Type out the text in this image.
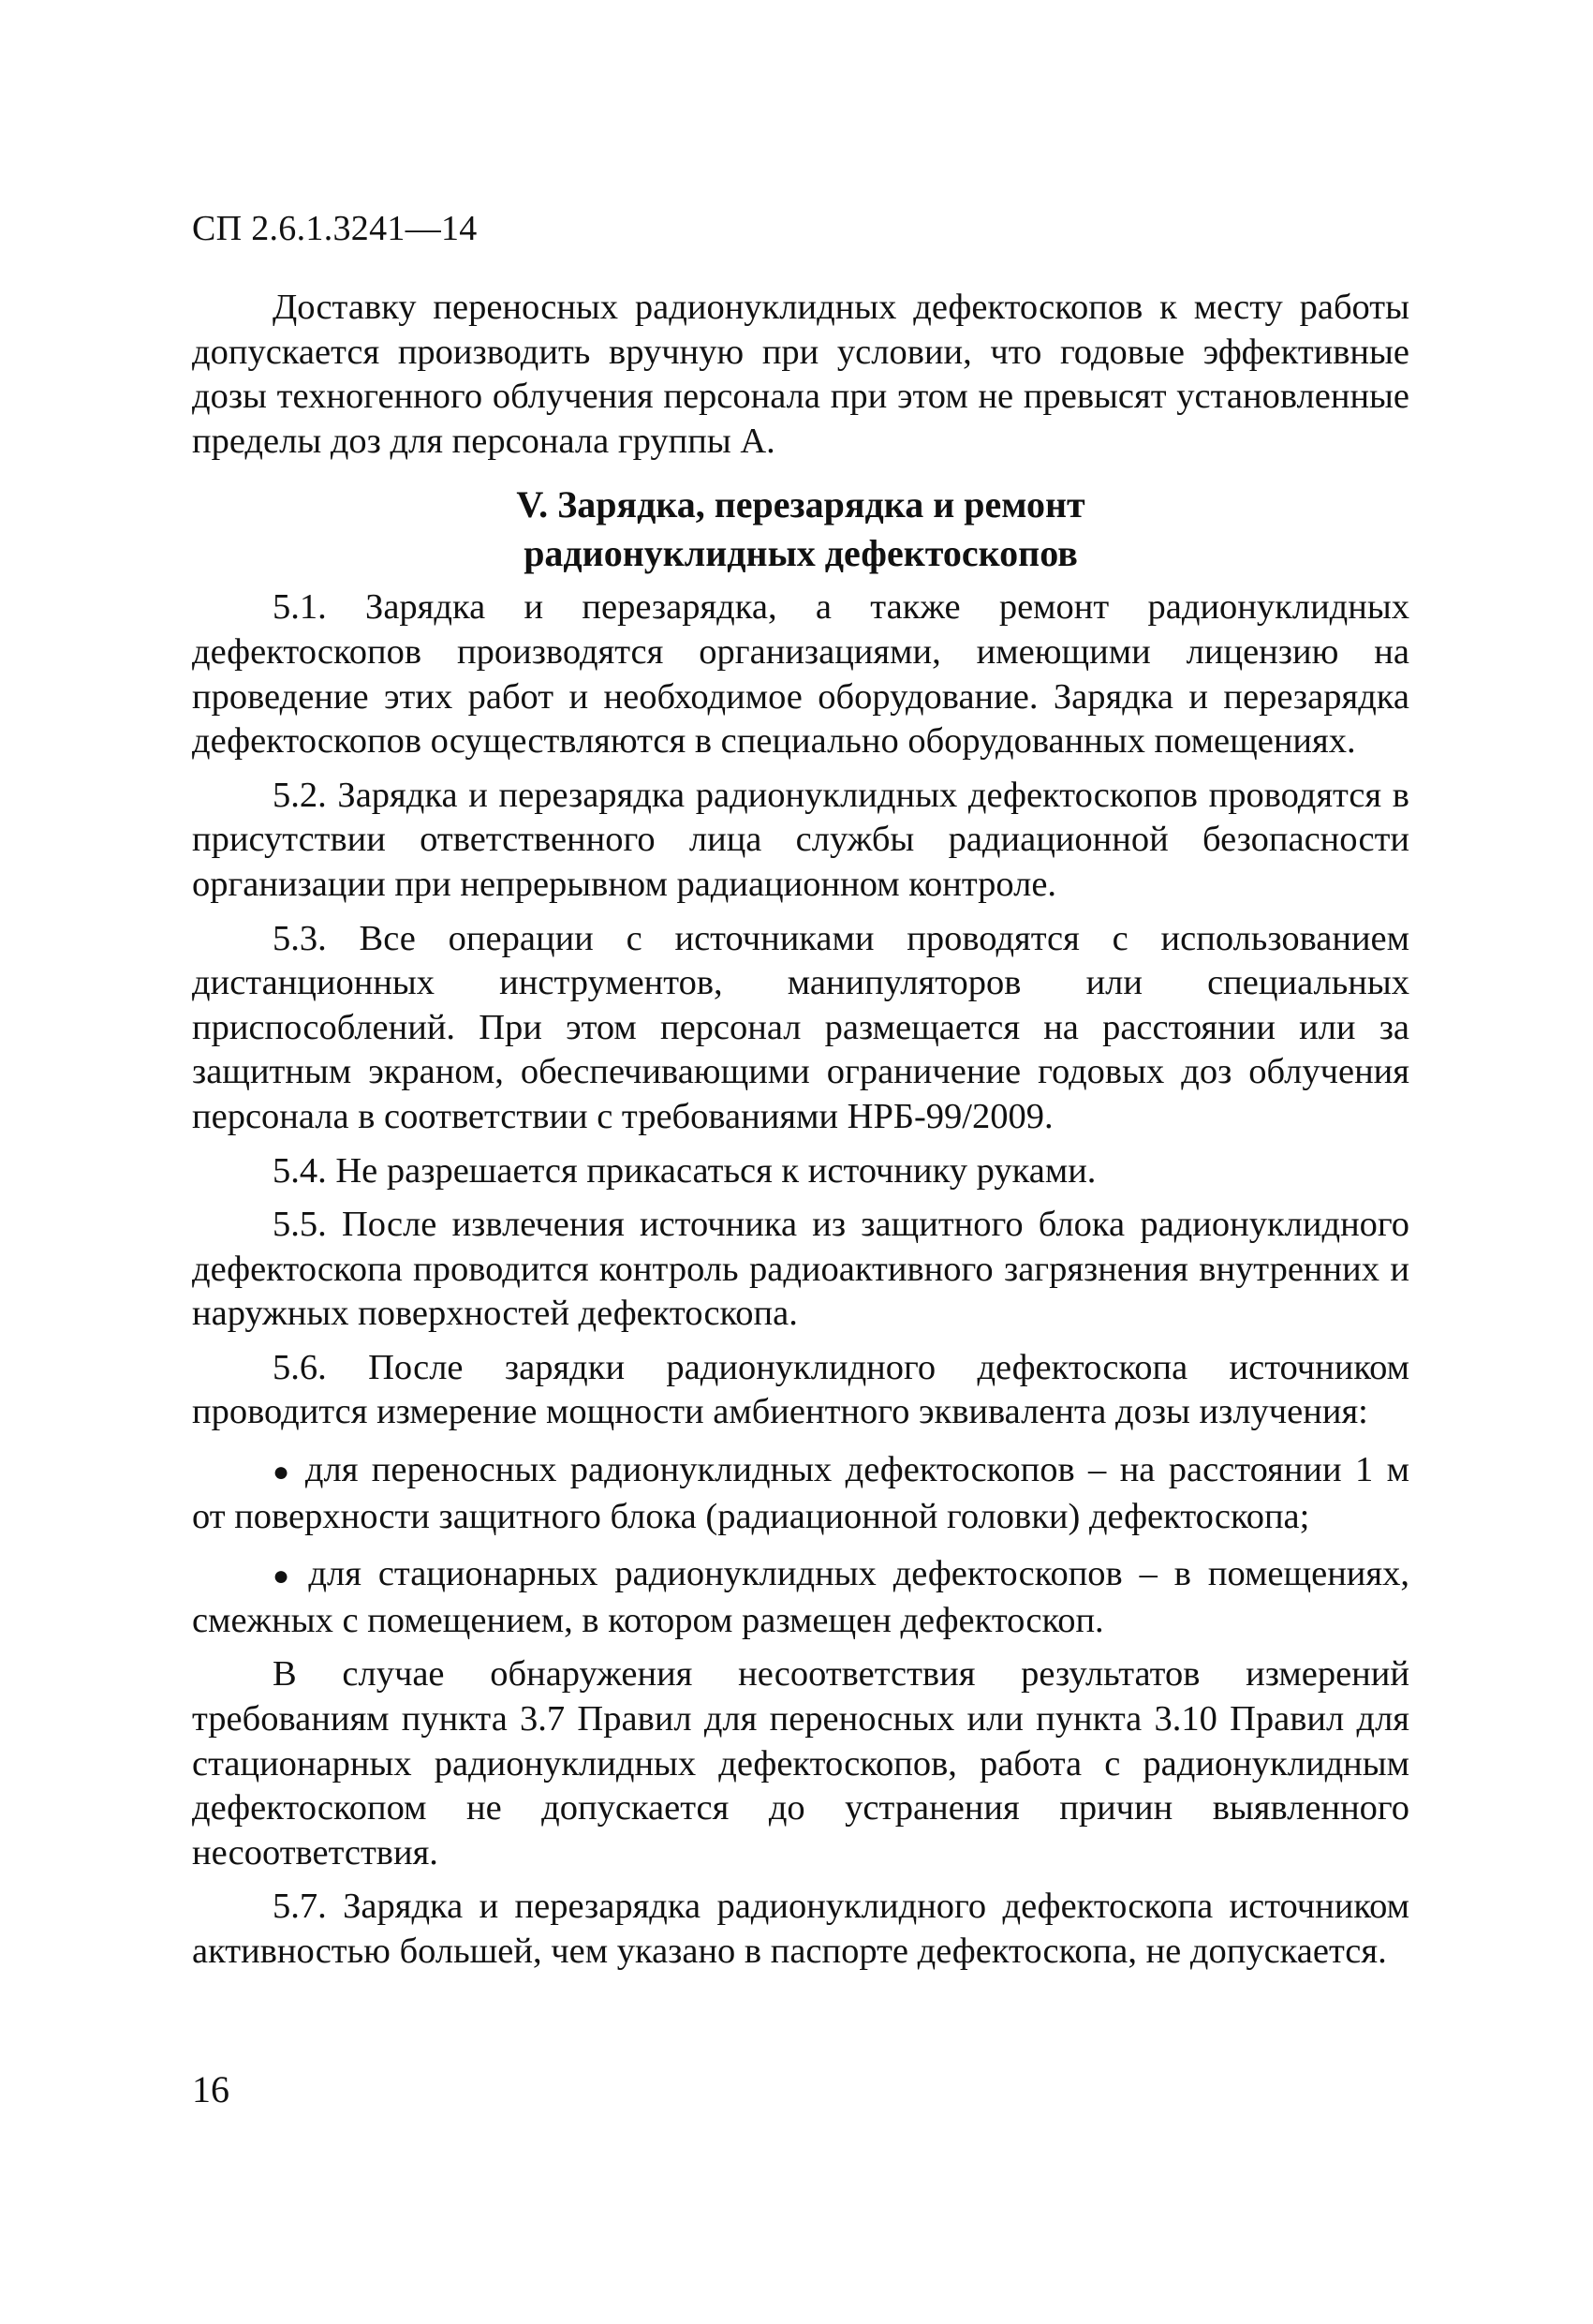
СП 2.6.1.3241—14

Доставку переносных радионуклидных дефектоскопов к месту работы допускается производить вручную при условии, что годовые эффективные дозы техногенного облучения персонала при этом не превысят установленные пределы доз для персонала группы А.

V. Зарядка, перезарядка и ремонт
радионуклидных дефектоскопов

5.1. Зарядка и перезарядка, а также ремонт радионуклидных дефектоскопов производятся организациями, имеющими лицензию на проведение этих работ и необходимое оборудование. Зарядка и перезарядка дефектоскопов осуществляются в специально оборудованных помещениях.

5.2. Зарядка и перезарядка радионуклидных дефектоскопов проводятся в присутствии ответственного лица службы радиационной безопасности организации при непрерывном радиационном контроле.

5.3. Все операции с источниками проводятся с использованием дистанционных инструментов, манипуляторов или специальных приспособлений. При этом персонал размещается на расстоянии или за защитным экраном, обеспечивающими ограничение годовых доз облучения персонала в соответствии с требованиями НРБ-99/2009.

5.4. Не разрешается прикасаться к источнику руками.

5.5. После извлечения источника из защитного блока радионуклидного дефектоскопа проводится контроль радиоактивного загрязнения внутренних и наружных поверхностей дефектоскопа.

5.6. После зарядки радионуклидного дефектоскопа источником проводится измерение мощности амбиентного эквивалента дозы излучения:

● для переносных радионуклидных дефектоскопов – на расстоянии 1 м от поверхности защитного блока (радиационной головки) дефектоскопа;

● для стационарных радионуклидных дефектоскопов – в помещениях, смежных с помещением, в котором размещен дефектоскоп.

В случае обнаружения несоответствия результатов измерений требованиям пункта 3.7 Правил для переносных или пункта 3.10 Правил для стационарных радионуклидных дефектоскопов, работа с радионуклидным дефектоскопом не допускается до устранения причин выявленного несоответствия.

5.7. Зарядка и перезарядка радионуклидного дефектоскопа источником активностью большей, чем указано в паспорте дефектоскопа, не допускается.

16
